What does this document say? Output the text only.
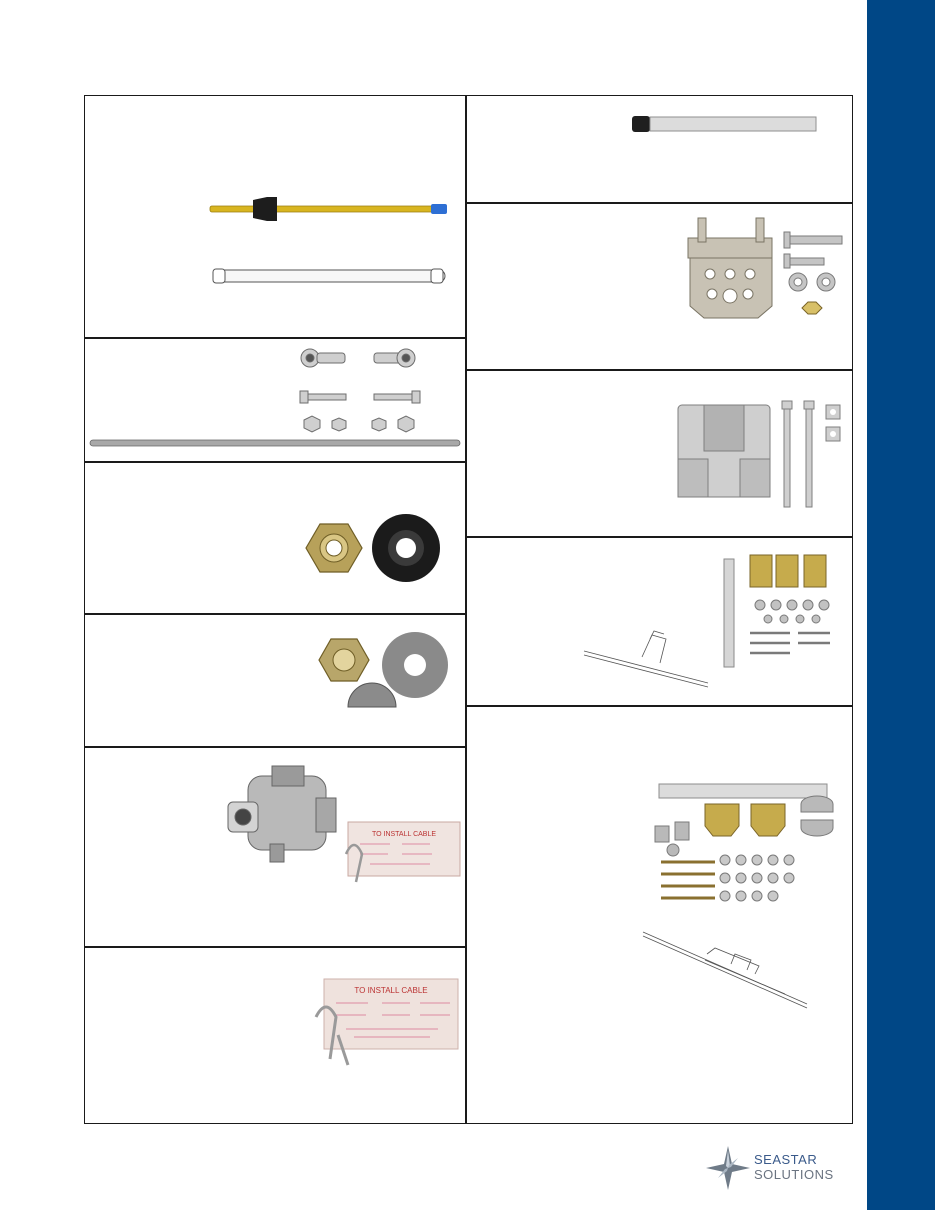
TO INSTALL CABLE
TO INSTALL CABLE
SEASTAR
SOLUTIONS
